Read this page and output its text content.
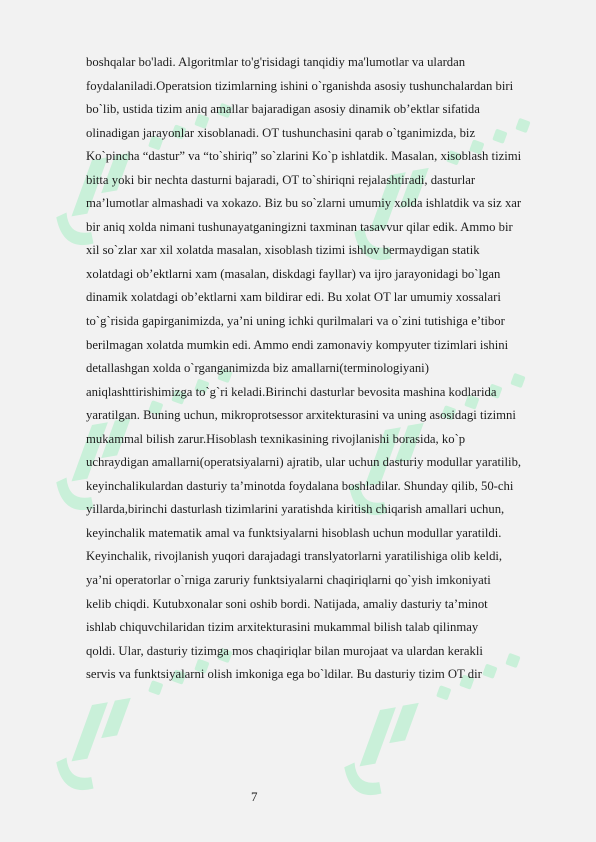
boshqalar bo'ladi. Algoritmlar to'g'risidagi tanqidiy ma'lumotlar va ulardan
foydalaniladi.Operatsion tizimlarning ishini o`rganishda asosiy tushunchalardan biri
bo`lib, ustida tizim aniq amallar bajaradigan asosiy dinamik ob’ektlar sifatida
olinadigan jarayonlar xisoblanadi. OT tushunchasini qarab o`tganimizda, biz
Ko`pincha “dastur” va “to`shiriq” so`zlarini Ko`p ishlatdik. Masalan, xisoblash tizimi
bitta yoki bir nechta dasturni bajaradi, OT to`shiriqni rejalashtiradi, dasturlar
ma’lumotlar almashadi va xokazo. Biz bu so`zlarni umumiy xolda ishlatdik va siz xar
bir aniq xolda nimani tushunayatganingizni taxminan tasavvur qilar edik. Ammo bir
xil so`zlar xar xil xolatda masalan, xisoblash tizimi ishlov bermaydigan statik
xolatdagi ob’ektlarni xam (masalan, diskdagi fayllar) va ijro jarayonidagi bo`lgan
dinamik xolatdagi ob’ektlarni xam bildirar edi. Bu xolat OT lar umumiy xossalari
to`g`risida gapirganimizda, ya’ni uning ichki qurilmalari va o`zini tutishiga e’tibor
berilmagan xolatda mumkin edi. Ammo endi zamonaviy kompyuter tizimlari ishini
detallashgan xolda o`rganganimizda biz amallarni(terminologiyani)
aniqlashttirishimizga to`g`ri keladi.Birinchi dasturlar bevosita mashina kodlarida
yaratilgan. Buning uchun, mikroprotsessor arxitekturasini va uning asosidagi tizimni
mukammal bilish zarur.Hisoblash texnikasining rivojlanishi borasida, ko`p
uchraydigan amallarni(operatsiyalarni) ajratib, ular uchun dasturiy modullar yaratilib,
keyinchalikulardan dasturiy ta’minotda foydalana boshladilar. Shunday qilib, 50-chi
yillarda,birinchi dasturlash tizimlarini yaratishda kiritish chiqarish amallari uchun,
keyinchalik matematik amal va funktsiyalarni hisoblash uchun modullar yaratildi.
Keyinchalik, rivojlanish yuqori darajadagi translyatorlarni yaratilishiga olib keldi,
ya’ni operatorlar o`rniga zaruriy funktsiyalarni chaqiriqlarni qo`yish imkoniyati
kelib chiqdi. Kutubxonalar soni oshib bordi. Natijada, amaliy dasturiy ta’minot
ishlab chiquvchilaridan tizim arxitekturasini mukammal bilish talab qilinmay
qoldi. Ular, dasturiy tizimga mos chaqiriqlar bilan murojaat va ulardan kerakli
servis va funktsiyalarni olish imkoniga ega bo`ldilar. Bu dasturiy tizim OT dir
7
